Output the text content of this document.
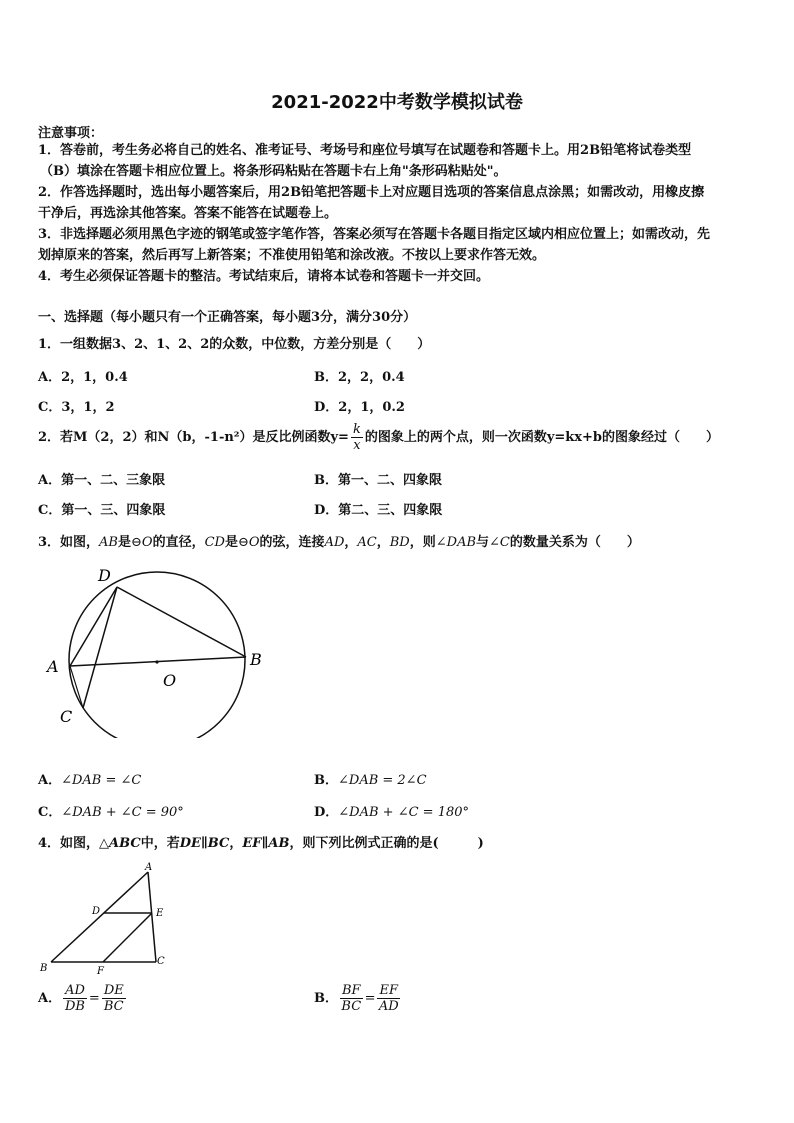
2021-2022中考数学模拟试卷
注意事项：

1．答卷前，考生务必将自己的姓名、准考证号、考场号和座位号填写在试题卷和答题卡上。用2B铅笔将试卷类型

（B）填涂在答题卡相应位置上。将条形码粘贴在答题卡右上角"条形码粘贴处"。

2．作答选择题时，选出每小题答案后，用2B铅笔把答题卡上对应题目选项的答案信息点涂黑；如需改动，用橡皮擦

干净后，再选涂其他答案。答案不能答在试题卷上。

3．非选择题必须用黑色字迹的钢笔或签字笔作答，答案必须写在答题卡各题目指定区域内相应位置上；如需改动，先

划掉原来的答案，然后再写上新答案；不准使用铅笔和涂改液。不按以上要求作答无效。

4．考生必须保证答题卡的整洁。考试结束后，请将本试卷和答题卡一并交回。

一、选择题（每小题只有一个正确答案，每小题3分，满分30分）
1．一组数据3、2、1、2、2的众数，中位数，方差分别是（　　）
A．2，1，0.4	B．2，2，0.4
C．3，1，2	D．2，1，0.2
2．若M（2，2）和N（b，-1-n²）是反比例函数$y= \frac{k}{x}$ 的图象上的两个点，则一次函数y=kx+b的图象经过（　　）
A．第一、二、三象限	B．第一、二、四象限
C．第一、三、四象限	D．第二、三、四象限
3．如图，AB是⊖O的直径，CD是⊖O的弦，连接AD，AC，BD，则∠DAB与∠C的数量关系为（　　）
D
A	B
O
C
A．∠DAB = ∠C	B．∠DAB = 2∠C
C．∠DAB + ∠C = 90°	D．∠DAB + ∠C = 180°
4．如图，△ABC中，若DE∥BC，EF∥AB，则下列比例式正确的是(　　　)
A
D	E
B	F
C
A． $\frac{AD}{DB} = \frac{DE}{BC}$	B． $\frac{BF}{BC} = \frac{EF}{AD}$
